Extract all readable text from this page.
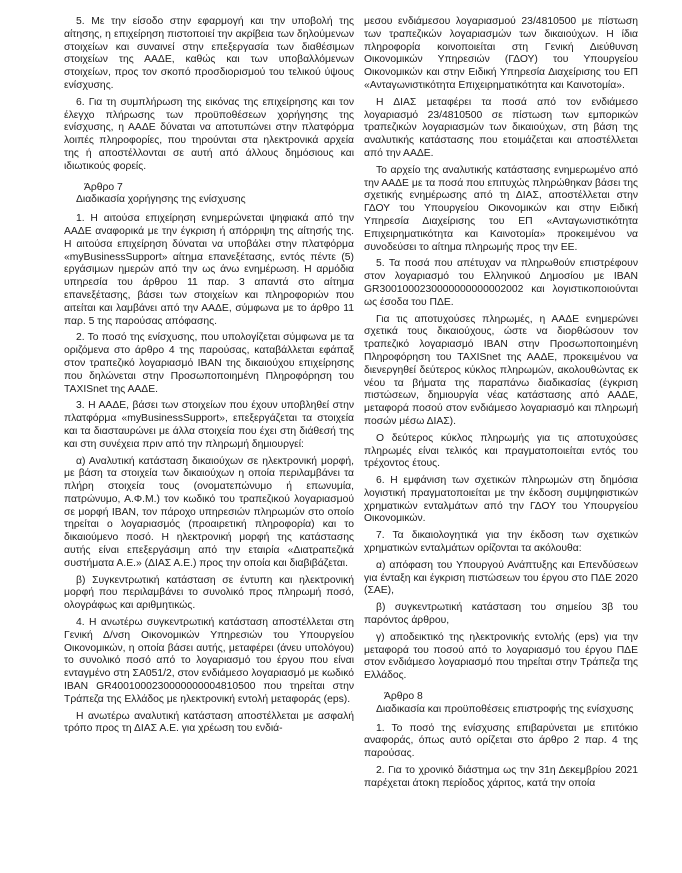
5. Με την είσοδο στην εφαρμογή και την υποβολή της αίτησης, η επιχείρηση πιστοποιεί την ακρίβεια των δηλούμενων στοιχείων και συναινεί στην επεξεργασία των διαθέσιμων στοιχείων της ΑΑΔΕ, καθώς και των υποβαλλόμενων στοιχείων, προς τον σκοπό προσδιορισμού του τελικού ύψους ενίσχυσης.

6. Για τη συμπλήρωση της εικόνας της επιχείρησης και τον έλεγχο πλήρωσης των προϋποθέσεων χορήγησης της ενίσχυσης, η ΑΑΔΕ δύναται να αποτυπώνει στην πλατφόρμα λοιπές πληροφορίες, που τηρούνται στα ηλεκτρονικά αρχεία της ή αποστέλλονται σε αυτή από άλλους δημόσιους και ιδιωτικούς φορείς.

Άρθρο 7
Διαδικασία χορήγησης της ενίσχυσης

1. Η αιτούσα επιχείρηση ενημερώνεται ψηφιακά από την ΑΑΔΕ αναφορικά με την έγκριση ή απόρριψη της αίτησής της. Η αιτούσα επιχείρηση δύναται να υποβάλει στην πλατφόρμα «myBusinessSupport» αίτημα επανεξέτασης, εντός πέντε (5) εργάσιμων ημερών από την ως άνω ενημέρωση. Η αρμόδια υπηρεσία του άρθρου 11 παρ. 3 απαντά στο αίτημα επανεξέτασης, βάσει των στοιχείων και πληροφοριών που αιτείται και λαμβάνει από την ΑΑΔΕ, σύμφωνα με το άρθρο 11 παρ. 5 της παρούσας απόφασης.

2. Το ποσό της ενίσχυσης, που υπολογίζεται σύμφωνα με τα οριζόμενα στο άρθρο 4 της παρούσας, καταβάλλεται εφάπαξ στον τραπεζικό λογαριασμό IBAN της δικαιούχου επιχείρησης που δηλώνεται στην Προσωποποιημένη Πληροφόρηση του TAXISnet της ΑΑΔΕ.

3. Η ΑΑΔΕ, βάσει των στοιχείων που έχουν υποβληθεί στην πλατφόρμα «myBusinessSupport», επεξεργάζεται τα στοιχεία και τα διασταυρώνει με άλλα στοιχεία που έχει στη διάθεσή της και στη συνέχεια πριν από την πληρωμή δημιουργεί:

α) Αναλυτική κατάσταση δικαιούχων σε ηλεκτρονική μορφή, με βάση τα στοιχεία των δικαιούχων η οποία περιλαμβάνει τα πλήρη στοιχεία τους (ονοματεπώνυμο ή επωνυμία, πατρώνυμο, Α.Φ.Μ.) τον κωδικό του τραπεζικού λογαριασμού σε μορφή IBAN, τον πάροχο υπηρεσιών πληρωμών στο οποίο τηρείται ο λογαριασμός (προαιρετική πληροφορία) και το δικαιούμενο ποσό. Η ηλεκτρονική μορφή της κατάστασης αυτής είναι επεξεργάσιμη από την εταιρία «Διατραπεζικά συστήματα Α.Ε.» (ΔΙΑΣ Α.Ε.) προς την οποία και διαβιβάζεται.

β) Συγκεντρωτική κατάσταση σε έντυπη και ηλεκτρονική μορφή που περιλαμβάνει το συνολικό προς πληρωμή ποσό, ολογράφως και αριθμητικώς.

4. Η ανωτέρω συγκεντρωτική κατάσταση αποστέλλεται στη Γενική Δ/νση Οικονομικών Υπηρεσιών του Υπουργείου Οικονομικών, η οποία βάσει αυτής, μεταφέρει (άνευ υπολόγου) το συνολικό ποσό από το λογαριασμό του έργου που είναι ενταγμένο στη ΣΑ051/2, στον ενδιάμεσο λογαριασμό με κωδικό IBAN GR4001000230000000004810500 που τηρείται στην Τράπεζα της Ελλάδος με ηλεκτρονική εντολή μεταφοράς (eps).

Η ανωτέρω αναλυτική κατάσταση αποστέλλεται με ασφαλή τρόπο προς τη ΔΙΑΣ Α.Ε. για χρέωση του ενδιά-

μεσου ενδιάμεσου λογαριασμού 23/4810500 με πίστωση των τραπεζικών λογαριασμών των δικαιούχων. Η ίδια πληροφορία κοινοποιείται στη Γενική Διεύθυνση Οικονομικών Υπηρεσιών (ΓΔΟΥ) του Υπουργείου Οικονομικών και στην Ειδική Υπηρεσία Διαχείρισης του ΕΠ «Ανταγωνιστικότητα Επιχειρηματικότητα και Καινοτομία».

Η ΔΙΑΣ μεταφέρει τα ποσά από τον ενδιάμεσο λογαριασμό 23/4810500 σε πίστωση των εμπορικών τραπεζικών λογαριασμών των δικαιούχων, στη βάση της αναλυτικής κατάστασης που ετοιμάζεται και αποστέλλεται από την ΑΑΔΕ.

Το αρχείο της αναλυτικής κατάστασης ενημερωμένο από την ΑΑΔΕ με τα ποσά που επιτυχώς πληρώθηκαν βάσει της σχετικής ενημέρωσης από τη ΔΙΑΣ, αποστέλλεται στην ΓΔΟΥ του Υπουργείου Οικονομικών και στην Ειδική Υπηρεσία Διαχείρισης του ΕΠ «Ανταγωνιστικότητα Επιχειρηματικότητα και Καινοτομία» προκειμένου να συνοδεύσει το αίτημα πληρωμής προς την ΕΕ.

5. Τα ποσά που απέτυχαν να πληρωθούν επιστρέφουν στον λογαριασμό του Ελληνικού Δημοσίου με IBAN GR3001000230000000000002002 και λογιστικοποιούνται ως έσοδα του ΠΔΕ.

Για τις αποτυχούσες πληρωμές, η ΑΑΔΕ ενημερώνει σχετικά τους δικαιούχους, ώστε να διορθώσουν τον τραπεζικό λογαριασμό IBAN στην Προσωποποιημένη Πληροφόρηση του TAXISnet της ΑΑΔΕ, προκειμένου να διενεργηθεί δεύτερος κύκλος πληρωμών, ακολουθώντας εκ νέου τα βήματα της παραπάνω διαδικασίας (έγκριση πιστώσεων, δημιουργία νέας κατάστασης από ΑΑΔΕ, μεταφορά ποσού στον ενδιάμεσο λογαριασμό και πληρωμή ποσών μέσω ΔΙΑΣ).

Ο δεύτερος κύκλος πληρωμής για τις αποτυχούσες πληρωμές είναι τελικός και πραγματοποιείται εντός του τρέχοντος έτους.

6. Η εμφάνιση των σχετικών πληρωμών στη δημόσια λογιστική πραγματοποιείται με την έκδοση συμψηφιστικών χρηματικών ενταλμάτων από την ΓΔΟΥ του Υπουργείου Οικονομικών.

7. Τα δικαιολογητικά για την έκδοση των σχετικών χρηματικών ενταλμάτων ορίζονται τα ακόλουθα:

α) απόφαση του Υπουργού Ανάπτυξης και Επενδύσεων για ένταξη και έγκριση πιστώσεων του έργου στο ΠΔΕ 2020 (ΣΑΕ),

β) συγκεντρωτική κατάσταση του σημείου 3β του παρόντος άρθρου,

γ) αποδεικτικό της ηλεκτρονικής εντολής (eps) για την μεταφορά του ποσού από το λογαριασμό του έργου ΠΔΕ στον ενδιάμεσο λογαριασμό που τηρείται στην Τράπεζα της Ελλάδος.

Άρθρο 8
Διαδικασία και προϋποθέσεις επιστροφής της ενίσχυσης

1. Το ποσό της ενίσχυσης επιβαρύνεται με επιτόκιο αναφοράς, όπως αυτό ορίζεται στο άρθρο 2 παρ. 4 της παρούσας.

2. Για το χρονικό διάστημα ως την 31η Δεκεμβρίου 2021 παρέχεται άτοκη περίοδος χάριτος, κατά την οποία
